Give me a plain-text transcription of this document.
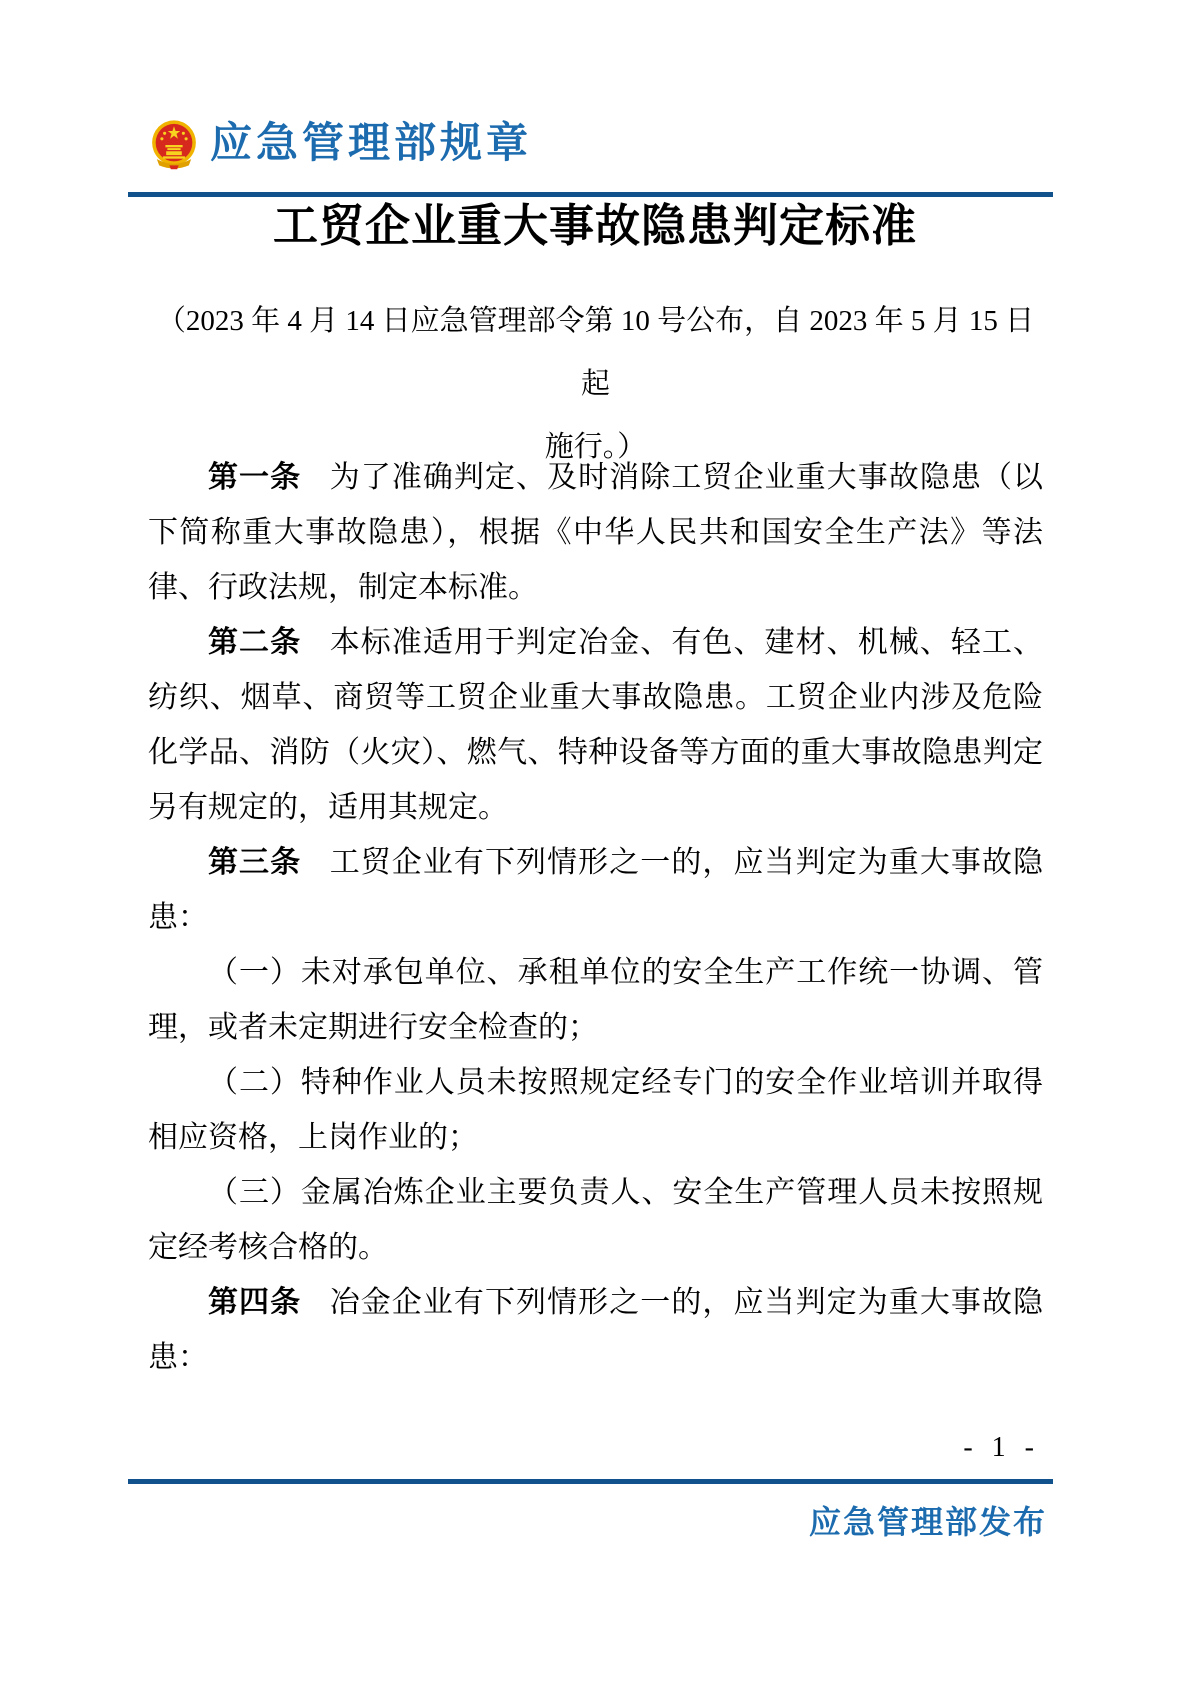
应急管理部规章
工贸企业重大事故隐患判定标准
（2023 年 4 月 14 日应急管理部令第 10 号公布，自 2023 年 5 月 15 日起
施行。）

第一条 为了准确判定、及时消除工贸企业重大事故隐患（以下简称重大事故隐患），根据《中华人民共和国安全生产法》等法律、行政法规，制定本标准。

第二条 本标准适用于判定冶金、有色、建材、机械、轻工、纺织、烟草、商贸等工贸企业重大事故隐患。工贸企业内涉及危险化学品、消防（火灾）、燃气、特种设备等方面的重大事故隐患判定另有规定的，适用其规定。

第三条 工贸企业有下列情形之一的，应当判定为重大事故隐患：

（一）未对承包单位、承租单位的安全生产工作统一协调、管理，或者未定期进行安全检查的；

（二）特种作业人员未按照规定经专门的安全作业培训并取得相应资格，上岗作业的；

（三）金属冶炼企业主要负责人、安全生产管理人员未按照规定经考核合格的。

第四条 冶金企业有下列情形之一的，应当判定为重大事故隐患：

- 1 -
应急管理部发布
